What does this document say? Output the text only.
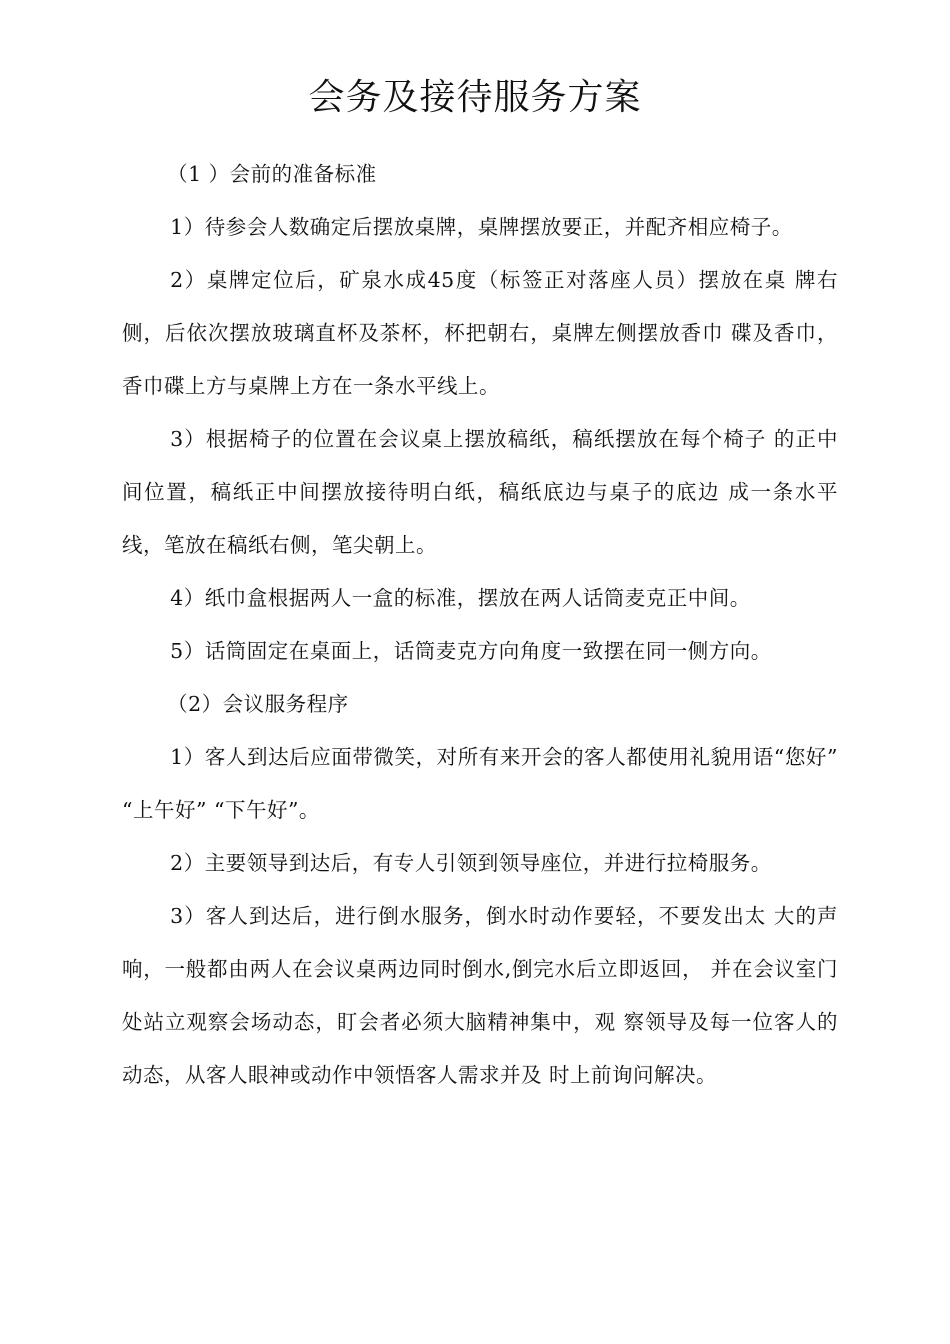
会务及接待服务方案

（1 ）会前的准备标准

1）待参会人数确定后摆放桌牌，桌牌摆放要正，并配齐相应椅子。

2）桌牌定位后，矿泉水成45度（标签正对落座人员）摆放在桌 牌右侧，后依次摆放玻璃直杯及茶杯，杯把朝右，桌牌左侧摆放香巾 碟及香巾，香巾碟上方与桌牌上方在一条水平线上。

3）根据椅子的位置在会议桌上摆放稿纸，稿纸摆放在每个椅子 的正中间位置，稿纸正中间摆放接待明白纸，稿纸底边与桌子的底边 成一条水平线，笔放在稿纸右侧，笔尖朝上。

4）纸巾盒根据两人一盒的标准，摆放在两人话筒麦克正中间。

5）话筒固定在桌面上，话筒麦克方向角度一致摆在同一侧方向。

（2）会议服务程序

1）客人到达后应面带微笑，对所有来开会的客人都使用礼貌用语“您好” “上午好” “下午好”。

2）主要领导到达后，有专人引领到领导座位，并进行拉椅服务。

3）客人到达后，进行倒水服务，倒水时动作要轻，不要发出太 大的声响，一般都由两人在会议桌两边同时倒水,倒完水后立即返回， 并在会议室门处站立观察会场动态，盯会者必须大脑精神集中，观 察领导及每一位客人的动态，从客人眼神或动作中领悟客人需求并及 时上前询问解决。
